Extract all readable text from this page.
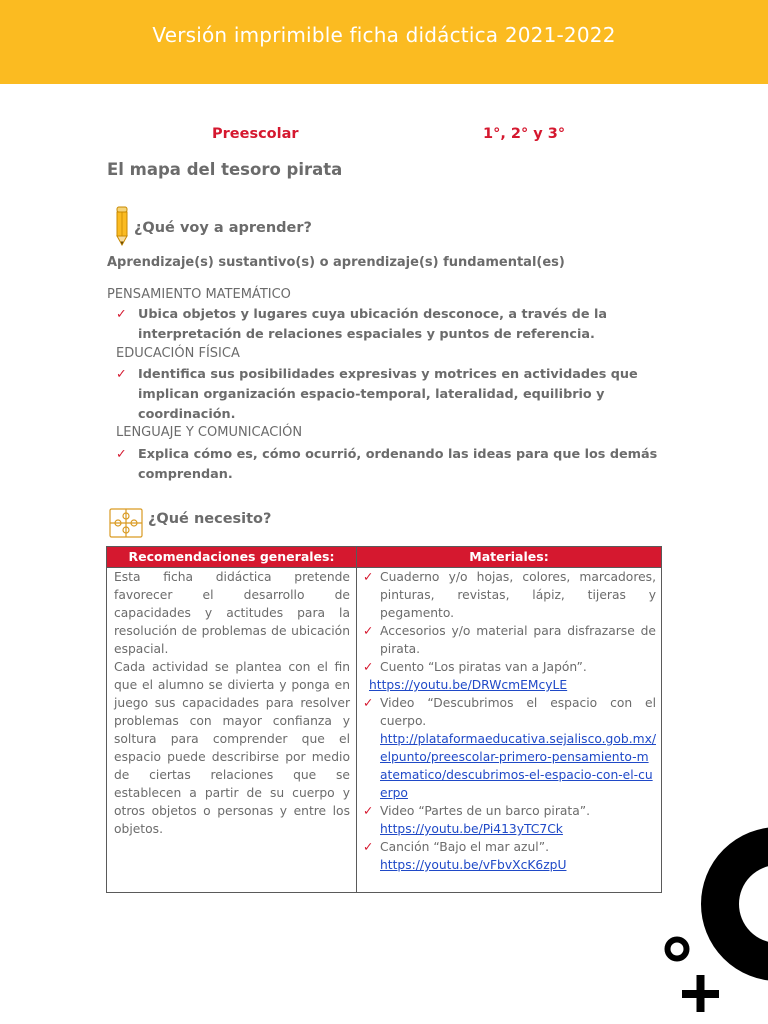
Versión imprimible ficha didáctica 2021-2022
Preescolar	1°, 2° y 3°
El mapa del tesoro pirata
¿Qué voy a aprender?
Aprendizaje(s) sustantivo(s) o aprendizaje(s) fundamental(es)
PENSAMIENTO MATEMÁTICO
✓ Ubica objetos y lugares cuya ubicación desconoce, a través de la interpretación de relaciones espaciales y puntos de referencia.
EDUCACIÓN FÍSICA
✓ Identifica sus posibilidades expresivas y motrices en actividades que implican organización espacio-temporal, lateralidad, equilibrio y coordinación.
LENGUAJE Y COMUNICACIÓN
✓ Explica cómo es, cómo ocurrió, ordenando las ideas para que los demás comprendan.
¿Qué necesito?
Recomendaciones generales:	Materiales:

Esta ficha didáctica pretende favorecer el desarrollo de capacidades y actitudes para la resolución de problemas de ubicación espacial.

Cada actividad se plantea con el fin que el alumno se divierta y ponga en juego sus capacidades para resolver problemas con mayor confianza y soltura para comprender que el espacio puede describirse por medio de ciertas relaciones que se establecen a partir de su cuerpo y otros objetos o personas y entre los objetos.

✓ Cuaderno y/o hojas, colores, marcadores, pinturas, revistas, lápiz, tijeras y pegamento.
✓ Accesorios y/o material para disfrazarse de pirata.
✓ Cuento “Los piratas van a Japón”.
https://youtu.be/DRWcmEMcyLE
✓ Video “Descubrimos el espacio con el cuerpo.
http://plataformaeducativa.sejalisco.gob.mx/elpunto/preescolar-primero-pensamiento-matematico/descubrimos-el-espacio-con-el-cuerpo
✓ Video “Partes de un barco pirata”.
https://youtu.be/Pi413yTC7Ck
✓ Canción “Bajo el mar azul”.
https://youtu.be/vFbvXcK6zpU
